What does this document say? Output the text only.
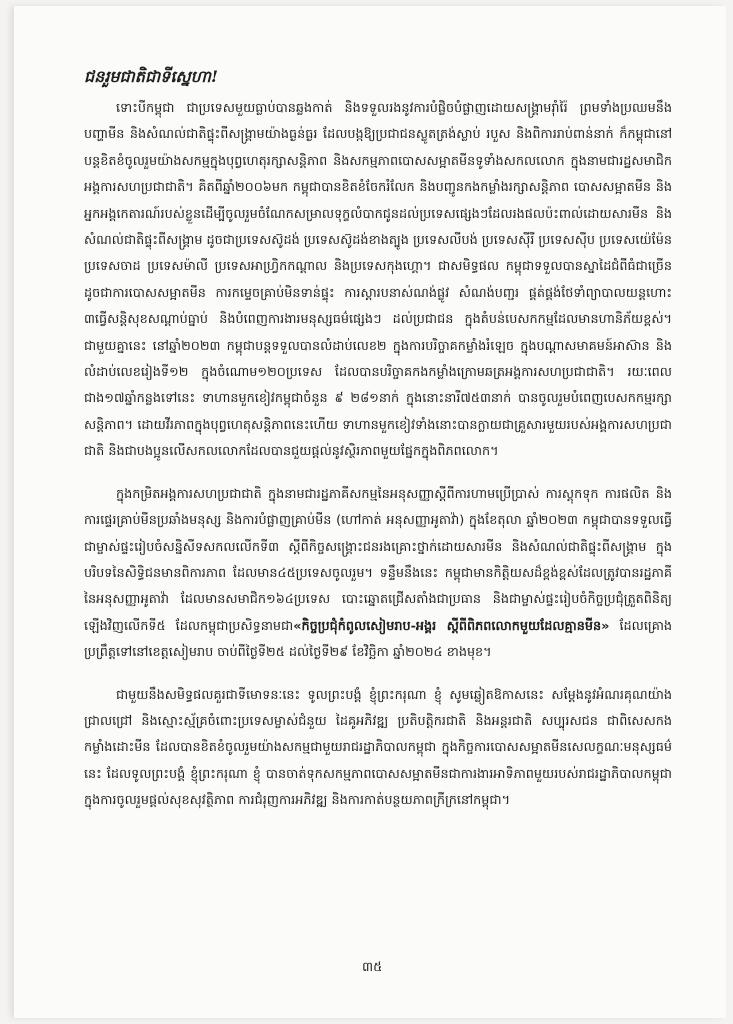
ជនរួមជាតិជាទីស្នេហា!

ទោះបីកម្ពុជា ជាប្រទេសមួយធ្លាប់បានឆ្លងកាត់ និងទទួលរងនូវការបំផ្លិចបំផ្លាញដោយសង្គ្រាមរ៉ាំរ៉ៃ ព្រមទាំងប្រឈមនឹងបញ្ហាមីន និងសំណល់ជាតិផ្ទុះពីសង្គ្រាមយ៉ាងធ្ងន់ធ្ងរ ដែលបង្កឱ្យប្រជាជនស្លូតត្រង់ស្លាប់ របួស និងពិការរាប់ពាន់នាក់ ក៏កម្ពុជានៅបន្តខិតខំចូលរួមយ៉ាងសកម្មក្នុងបុព្វហេតុរក្សាសន្តិភាព និងសកម្មភាពបោសសម្អាតមីនទូទាំងសកលលោក ក្នុងនាមជារដ្ឋសមាជិកអង្គការសហប្រជាជាតិ។ គិតពីឆ្នាំ២០០៦មក កម្ពុជាបានខិតខំចែករំលែក និងបញ្ជូនកងកម្លាំងរក្សាសន្តិភាព បោសសម្អាតមីន និងអ្នកអង្គកេតារណ៍របស់ខ្លួនដើម្បីចូលរួមចំណែកសម្រាលទុក្ខលំបាកជូនដល់ប្រទេសផ្សេងៗដែលរងផលប៉ះពាល់ដោយសារមីន និងសំណល់ជាតិផ្ទុះពីសង្គ្រាម ដូចជាប្រទេសស៊ូដង់ ប្រទេសស៊ូដង់ខាងត្បូង ប្រទេសលីបង់ ប្រទេសស៊ីរី ប្រទេសស៊ីប ប្រទេសយ៉េម៉ែន ប្រទេសចាដ ប្រទេសម៉ាលី ប្រទេសអាហ្វ្រិកកណ្តាល និងប្រទេសកុងហ្គោ។ ជាសមិទ្ធផល កម្ពុជាទទួលបានស្នាដៃជំពីធំជាច្រើន ដូចជាការបោសសម្អាតមីន ការកម្ទេចគ្រាប់មិនទាន់ផ្ទុះ ការស្តារបនាស់ណង់ផ្លូវ សំណង់បញ្ជរ ផ្គត់ផ្គង់ថែទាំព្យាបាលយន្តហោះ ៣ធ្វើសន្តិសុខសណ្តាប់ធ្នាប់ និងបំពេញការងារមនុស្សធម៌ផ្សេងៗ ដល់ប្រជាជន ក្នុងតំបន់បេសកកម្មដែលមានហានិភ័យខ្ពស់។ ជាមួយគ្នានេះ នៅឆ្នាំ២០២៣ កម្ពុជាបន្តទទួលបានលំដាប់លេខ២ ក្នុងការបរិច្ចាគកម្លាំងរំឡេច ក្នុងបណ្តាសមាគមន៍អាស៊ាន និងលំដាប់លេខរៀងទី១២ ក្នុងចំណោម១២០ប្រទេស ដែលបានបរិច្ចាគកងកម្លាំងក្រោមឆត្រអង្គការសហប្រជាជាតិ។ រយៈពេលជាង១៧ឆ្នាំកន្លងទៅនេះ ទាហានមួកខៀវកម្ពុជាចំនួន ៩ ២៨១នាក់ ក្នុងនោះនារី៧៥៣នាក់ បានចូលរួមបំពេញបេសកកម្មរក្សាសន្តិភាព។ ដោយវីរភាពក្នុងបុព្វហេតុសន្តិភាពនេះហើយ ទាហានមួកខៀវទាំងនោះបានក្លាយជាគ្រួសារមួយរបស់អង្គការសហប្រជាជាតិ និងជាបងប្អូនលើសកលលោកដែលបានជួយផ្តល់នូវស្ថិរភាពមួយផ្នែកក្នុងពិភពលោក។

ក្នុងកម្រិតអង្គការសហប្រជាជាតិ ក្នុងនាមជារដ្ឋភាគីសកម្មនៃអនុសញ្ញាស្តីពីការហាមប្រើប្រាស់ ការស្តុកទុក ការផលិត និងការផ្ទេរគ្រាប់មីនប្រឆាំងមនុស្ស និងការបំផ្លាញគ្រាប់មីន (ហៅកាត់ អនុសញ្ញាអូតាវ៉ា) ក្នុងខែតុលា ឆ្នាំ២០២៣ កម្ពុជាបានទទួលធ្វើជាម្ចាស់ផ្ទះរៀបចំសន្និសីទសកលលើកទី៣ ស្តីពីកិច្ចសង្គ្រោះជនរងគ្រោះថ្នាក់ដោយសារមីន និងសំណល់ជាតិផ្ទុះពីសង្គ្រាម ក្នុងបរិបទនៃសិទ្ធិជនមានពិការភាព ដែលមាន៤៥ប្រទេសចូលរួម។ ទន្ទឹមនឹងនេះ កម្ពុជាមានកិត្តិយសដ៏ខ្ពង់ខ្ពស់ដែលត្រូវបានរដ្ឋភាគីនៃអនុសញ្ញាអូតាវ៉ា ដែលមានសមាជិក១៦៤ប្រទេស បោះឆ្នោតជ្រើសតាំងជាប្រធាន និងជាម្ចាស់ផ្ទះរៀបចំកិច្ចប្រជុំត្រួតពិនិត្យឡើងវិញលើកទី៥ ដែលកម្ពុជាប្រសិទ្ធនាមជា«កិច្ចប្រជុំកំពូលសៀមរាប-អង្គរ ស្តីពីពិភពលោកមួយដែលគ្មានមីន» ដែលគ្រោងប្រព្រឹត្តទៅនៅខេត្តសៀមរាប ចាប់ពីថ្ងៃទី២៥ ដល់ថ្ងៃទី២៩ ខែវិច្ឆិកា ឆ្នាំ២០២៤ ខាងមុខ។

ជាមួយនឹងសមិទ្ធផលគួរជាទីមោទនៈនេះ ទូលព្រះបង្គំ ខ្ញុំព្រះករុណា ខ្ញុំ សូមឆ្លៀតឱកាសនេះ សម្តែងនូវអំណរគុណយ៉ាងជ្រាលជ្រៅ និងស្មោះស្ម័គ្រចំពោះប្រទេសម្ចាស់ជំនួយ ដៃគូអភិវឌ្ឍ ប្រតិបត្តិករជាតិ និងអន្តរជាតិ សប្បុរសជន ជាពិសេសកងកម្លាំងដោះមីន ដែលបានខិតខំចូលរួមយ៉ាងសកម្មជាមួយរាជរដ្ឋាភិបាលកម្ពុជា ក្នុងកិច្ចការបោសសម្អាតមីនសេលក្ខណៈមនុស្សធម៌នេះ ដែលទូលព្រះបង្គំ ខ្ញុំព្រះករុណា ខ្ញុំ បានចាត់ទុកសកម្មភាពបោសសម្អាតមីនជាការងារអាទិភាពមួយរបស់រាជរដ្ឋាភិបាលកម្ពុជា ក្នុងការចូលរួមផ្តល់សុខសុវត្ថិភាព ការជំរុញការអភិវឌ្ឍ និងការកាត់បន្ថយភាពក្រីក្រនៅកម្ពុជា។

៣៥
